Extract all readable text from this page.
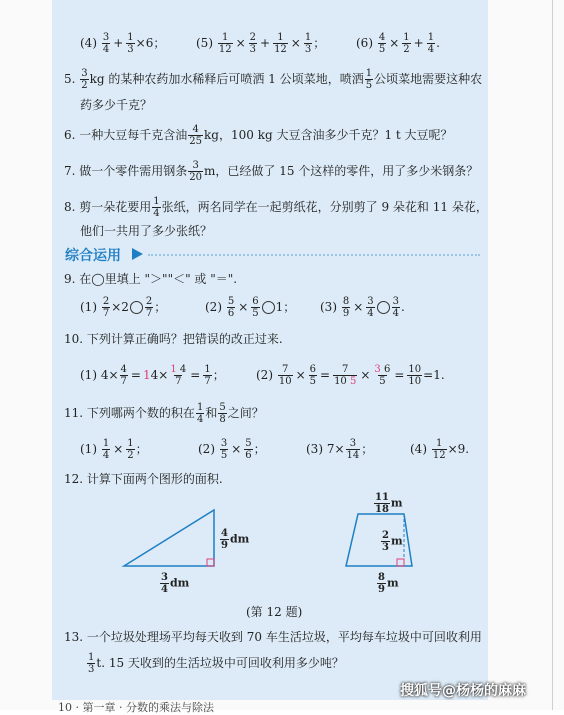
$(4) \frac{3}{4} + \frac{1}{3} \times 6$；	$(5) \frac{1}{12} \times \frac{2}{3} + \frac{1}{12} \times \frac{1}{3}$ ；	$(6) \frac{4}{5} \times \frac{1}{2} + \frac{1}{4}$ .
5. $\frac{3}{2}$ kg 的某种农药加水稀释后可喷洒 1 公顷菜地，喷洒 $\frac{1}{5}$ 公顷菜地需要这种农
药多少千克？
6. 一种大豆每千克含油 $\frac{4}{25}$ kg，100 kg 大豆含油多少千克？1 t 大豆呢？
7. 做一个零件需用钢条 $\frac{3}{20}$ m，已经做了 15 个这样的零件，用了多少米钢条？
8. 剪一朵花要用 $\frac{1}{4}$ 张纸，两名同学在一起剪纸花，分别剪了 9 朵花和 11 朵花，
他们一共用了多少张纸？
综合运用
9. 在◯里填上 "＞""＜" 或 "＝".
$(1) \frac{2}{7} \times 2 \frac{2}{7}$ ；	$(2) \frac{5}{6} \times \frac{6}{5} 1$； $(3) \frac{8}{9} \times \frac{3}{4} \frac{3}{4}$ .
10. 下列计算正确吗？把错误的改正过来.
(1) $4\times \frac{4}{7} = 14\times \frac{1 4}{7} = \frac{1}{7}$ ；	$(2) \frac{7}{10} \times \frac{6}{5} = \frac{7}{10 5} \times \frac{3 6}{5} = \frac{10}{10} =1$.
11. 下列哪两个数的积在 $\frac{1}{4}$ 和 $\frac{5}{8}$ 之间？
$(1) \frac{1}{4} \times \frac{1}{2}$ ；	$(2) \frac{3}{5} \times \frac{5}{6}$ ；	(3) $7\times \frac{3}{14}$ ；	$(4) \frac{1}{12} \times 9$.
12. 计算下面两个图形的面积.
$\frac{4}{9}$ dm
$\frac{3}{4}$ dm
$\frac{11}{18}$ m
$\frac{2}{3}$ m
$\frac{8}{9}$ m
(第 12 题)
13. 一个垃圾处理场平均每天收到 70 车生活垃圾，平均每车垃圾中可回收利用
$\frac{1}{3} t$. 15 天收到的生活垃圾中可回收利用多少吨？
10 · 第一章 · 分数的乘法与除法
搜狐号@杨杨的麻麻
